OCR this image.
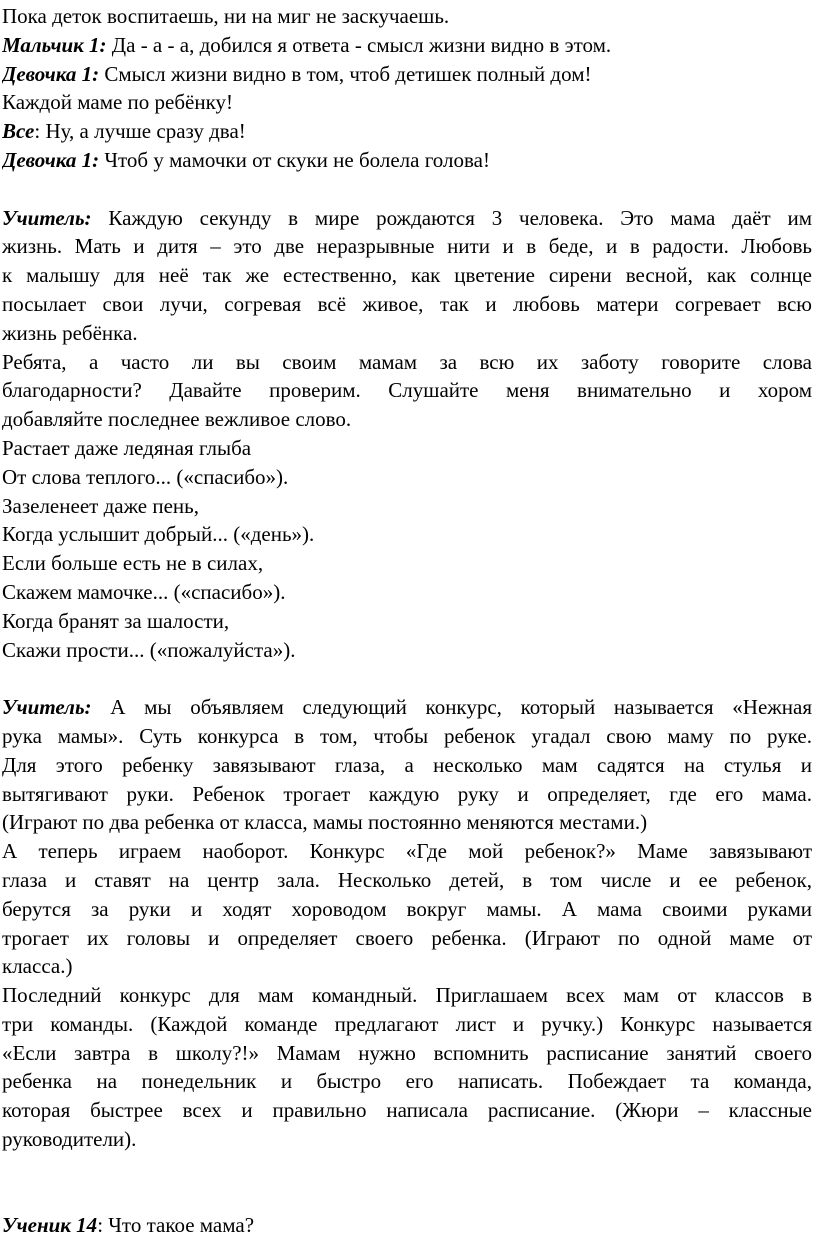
Пока деток воспитаешь, ни на миг не заскучаешь.
Мальчик 1: Да - а - а, добился я ответа - смысл жизни видно в этом.
Девочка 1: Смысл жизни видно в том, чтоб детишек полный дом!
Каждой маме по ребёнку!
Все: Ну, а лучше сразу два!
Девочка 1: Чтоб у мамочки от скуки не болела голова!
Учитель: Каждую секунду в мире рождаются 3 человека. Это мама даёт им
жизнь. Мать и дитя – это две неразрывные нити и в беде, и в радости. Любовь
к малышу для неё так же естественно, как цветение сирени весной, как солнце
посылает свои лучи, согревая всё живое, так и любовь матери согревает всю
жизнь ребёнка.
Ребята, а часто ли вы своим мамам за всю их заботу говорите слова
благодарности? Давайте проверим. Слушайте меня внимательно и хором
добавляйте последнее вежливое слово.
Растает даже ледяная глыба
От слова теплого... («спасибо»).
Зазеленеет даже пень,
Когда услышит добрый... («день»).
Если больше есть не в силах,
Скажем мамочке... («спасибо»).
Когда бранят за шалости,
Скажи прости... («пожалуйста»).
Учитель: А мы объявляем следующий конкурс, который называется «Нежная
рука мамы». Суть конкурса в том, чтобы ребенок угадал свою маму по руке.
Для этого ребенку завязывают глаза, а несколько мам садятся на стулья и
вытягивают руки. Ребенок трогает каждую руку и определяет, где его мама.
(Играют по два ребенка от класса, мамы постоянно меняются местами.)
А теперь играем наоборот. Конкурс «Где мой ребенок?» Маме завязывают
глаза и ставят на центр зала. Несколько детей, в том числе и ее ребенок,
берутся за руки и ходят хороводом вокруг мамы. А мама своими руками
трогает их головы и определяет своего ребенка. (Играют по одной маме от
класса.)
Последний конкурс для мам командный. Приглашаем всех мам от классов в
три команды. (Каждой команде предлагают лист и ручку.) Конкурс называется
«Если завтра в школу?!» Мамам нужно вспомнить расписание занятий своего
ребенка на понедельник и быстро его написать. Побеждает та команда,
которая быстрее всех и правильно написала расписание. (Жюри – классные
руководители).
Ученик 14: Что такое мама?
